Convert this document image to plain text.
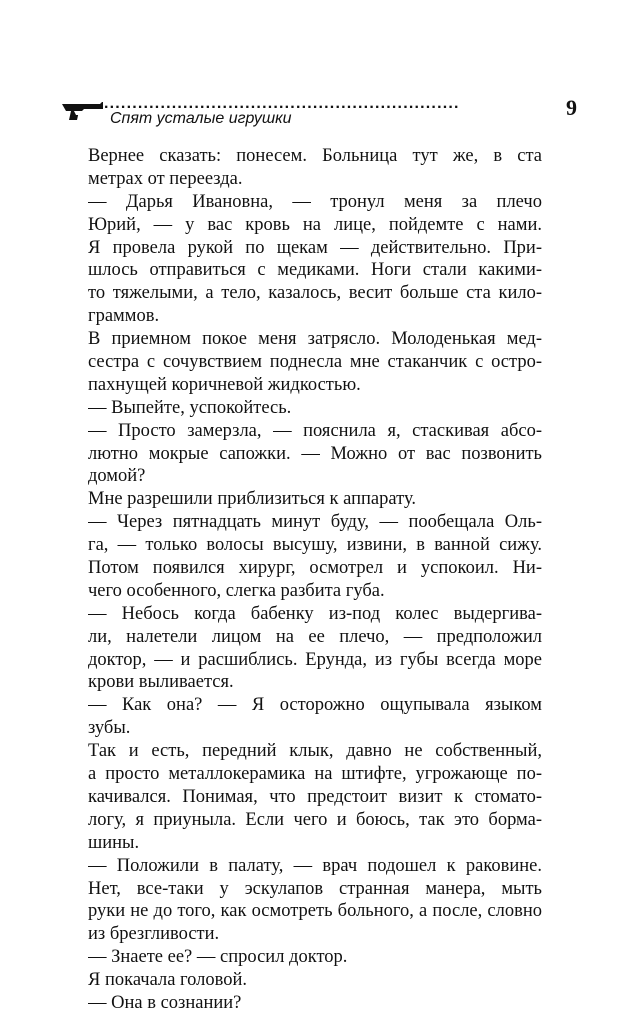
...............................................................
Спят усталые игрушки	9
Вернее сказать: понесем. Больница тут же, в ста
метрах от переезда.
— Дарья Ивановна, — тронул меня за плечо
Юрий, — у вас кровь на лице, пойдемте с нами.
Я провела рукой по щекам — действительно. При-
шлось отправиться с медиками. Ноги стали какими-
то тяжелыми, а тело, казалось, весит больше ста кило-
граммов.
В приемном покое меня затрясло. Молоденькая мед-
сестра с сочувствием поднесла мне стаканчик с остро-
пахнущей коричневой жидкостью.
— Выпейте, успокойтесь.
— Просто замерзла, — пояснила я, стаскивая абсо-
лютно мокрые сапожки. — Можно от вас позвонить
домой?
Мне разрешили приблизиться к аппарату.
— Через пятнадцать минут буду, — пообещала Оль-
га, — только волосы высушу, извини, в ванной сижу.
Потом появился хирург, осмотрел и успокоил. Ни-
чего особенного, слегка разбита губа.
— Небось когда бабенку из-под колес выдергива-
ли, налетели лицом на ее плечо, — предположил
доктор, — и расшиблись. Ерунда, из губы всегда море
крови выливается.
— Как она? — Я осторожно ощупывала языком
зубы.
Так и есть, передний клык, давно не собственный,
а просто металлокерамика на штифте, угрожающе по-
качивался. Понимая, что предстоит визит к стомато-
логу, я приуныла. Если чего и боюсь, так это борма-
шины.
— Положили в палату, — врач подошел к раковине.
Нет, все-таки у эскулапов странная манера, мыть
руки не до того, как осмотреть больного, а после, словно
из брезгливости.
— Знаете ее? — спросил доктор.
Я покачала головой.
— Она в сознании?
